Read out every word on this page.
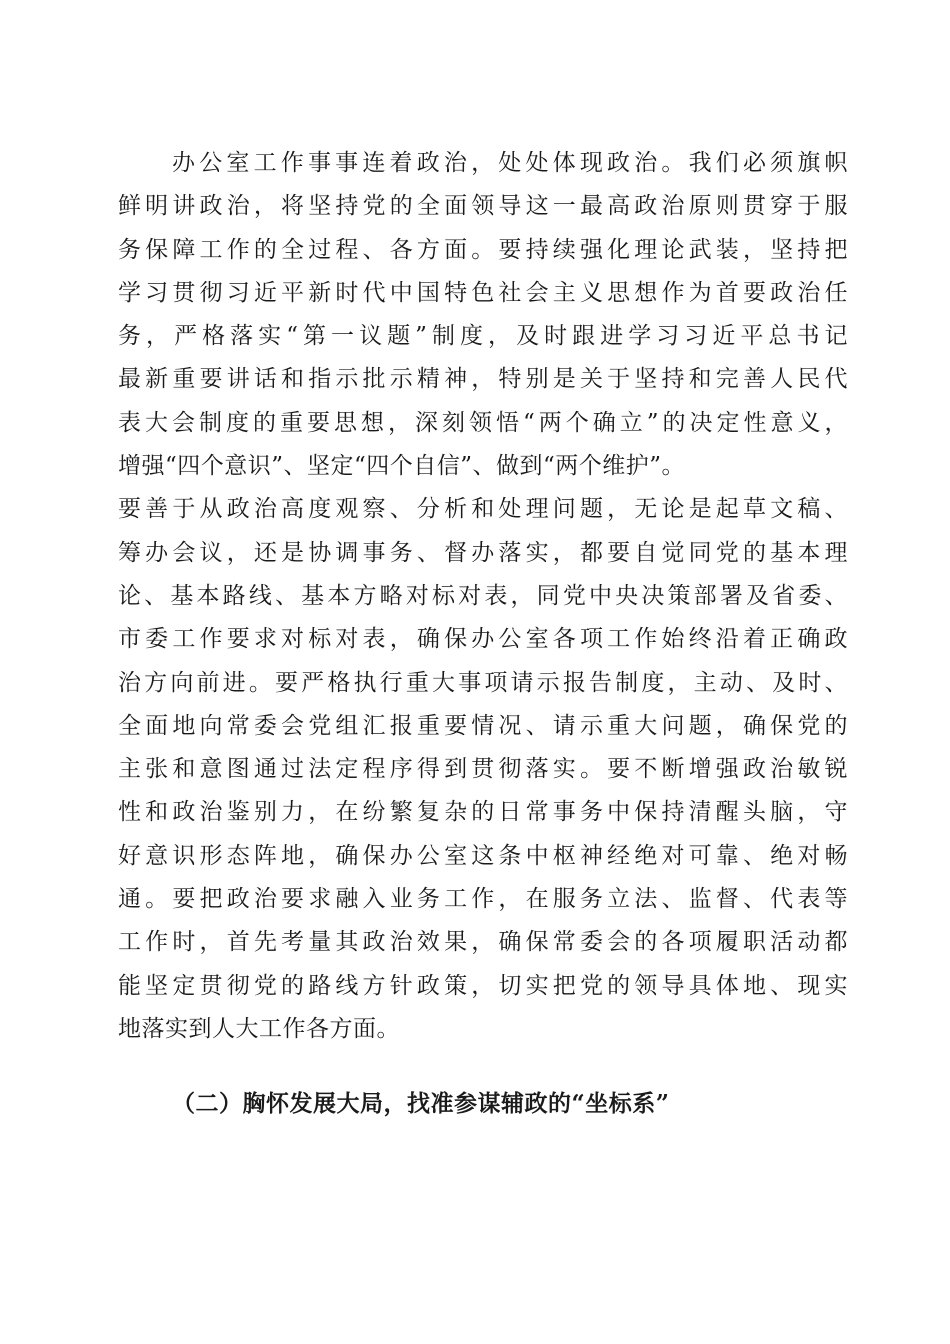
办公室工作事事连着政治，处处体现政治。我们必须旗帜
鲜明讲政治，将坚持党的全面领导这一最高政治原则贯穿于服
务保障工作的全过程、各方面。要持续强化理论武装，坚持把
学习贯彻习近平新时代中国特色社会主义思想作为首要政治任
务，严格落实“第一议题”制度，及时跟进学习习近平总书记
最新重要讲话和指示批示精神，特别是关于坚持和完善人民代
表大会制度的重要思想，深刻领悟“两个确立”的决定性意义，
增强“四个意识”、坚定“四个自信”、做到“两个维护”。
要善于从政治高度观察、分析和处理问题，无论是起草文稿、
筹办会议，还是协调事务、督办落实，都要自觉同党的基本理
论、基本路线、基本方略对标对表，同党中央决策部署及省委、
市委工作要求对标对表，确保办公室各项工作始终沿着正确政
治方向前进。要严格执行重大事项请示报告制度，主动、及时、
全面地向常委会党组汇报重要情况、请示重大问题，确保党的
主张和意图通过法定程序得到贯彻落实。要不断增强政治敏锐
性和政治鉴别力，在纷繁复杂的日常事务中保持清醒头脑，守
好意识形态阵地，确保办公室这条中枢神经绝对可靠、绝对畅
通。要把政治要求融入业务工作，在服务立法、监督、代表等
工作时，首先考量其政治效果，确保常委会的各项履职活动都
能坚定贯彻党的路线方针政策，切实把党的领导具体地、现实
地落实到人大工作各方面。
（二）胸怀发展大局，找准参谋辅政的“坐标系”
